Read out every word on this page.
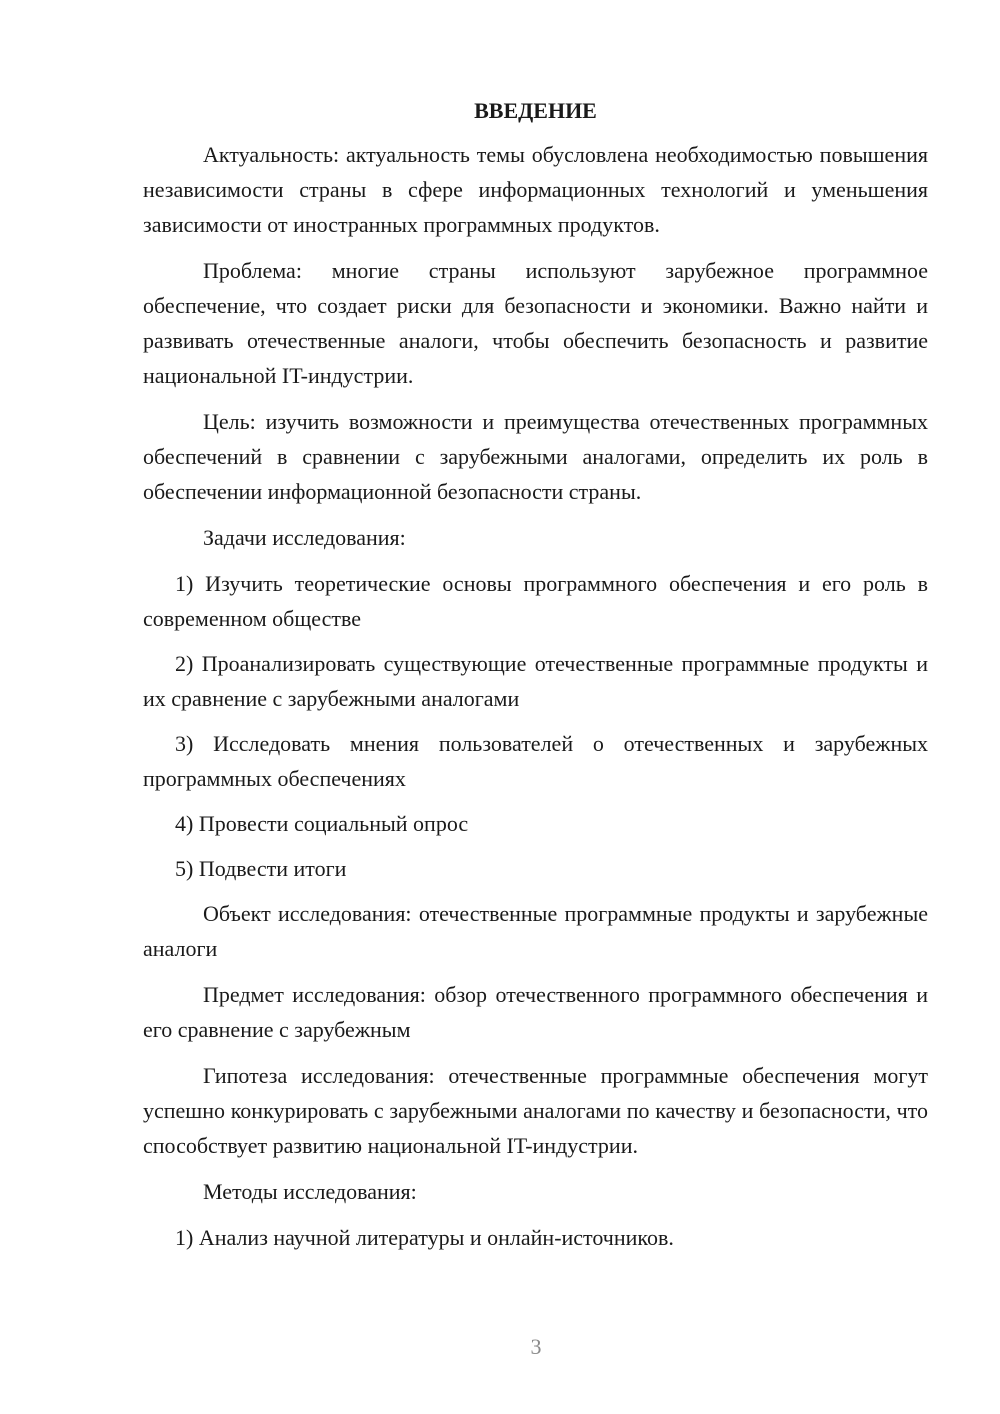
ВВЕДЕНИЕ

Актуальность: актуальность темы обусловлена необходимостью повышения независимости страны в сфере информационных технологий и уменьшения зависимости от иностранных программных продуктов.

Проблема: многие страны используют зарубежное программное обеспечение, что создает риски для безопасности и экономики. Важно найти и развивать отечественные аналоги, чтобы обеспечить безопасность и развитие национальной IT-индустрии.

Цель: изучить возможности и преимущества отечественных программных обеспечений в сравнении с зарубежными аналогами, определить их роль в обеспечении информационной безопасности страны.

Задачи исследования:

1) Изучить теоретические основы программного обеспечения и его роль в современном обществе

2) Проанализировать существующие отечественные программные продукты и их сравнение с зарубежными аналогами

3) Исследовать мнения пользователей о отечественных и зарубежных программных обеспечениях

4) Провести социальный опрос

5) Подвести итоги

Объект исследования: отечественные программные продукты и зарубежные аналоги

Предмет исследования: обзор отечественного программного обеспечения и его сравнение с зарубежным

Гипотеза исследования: отечественные программные обеспечения могут успешно конкурировать с зарубежными аналогами по качеству и безопасности, что способствует развитию национальной IT-индустрии.

Методы исследования:

1) Анализ научной литературы и онлайн-источников.

3
